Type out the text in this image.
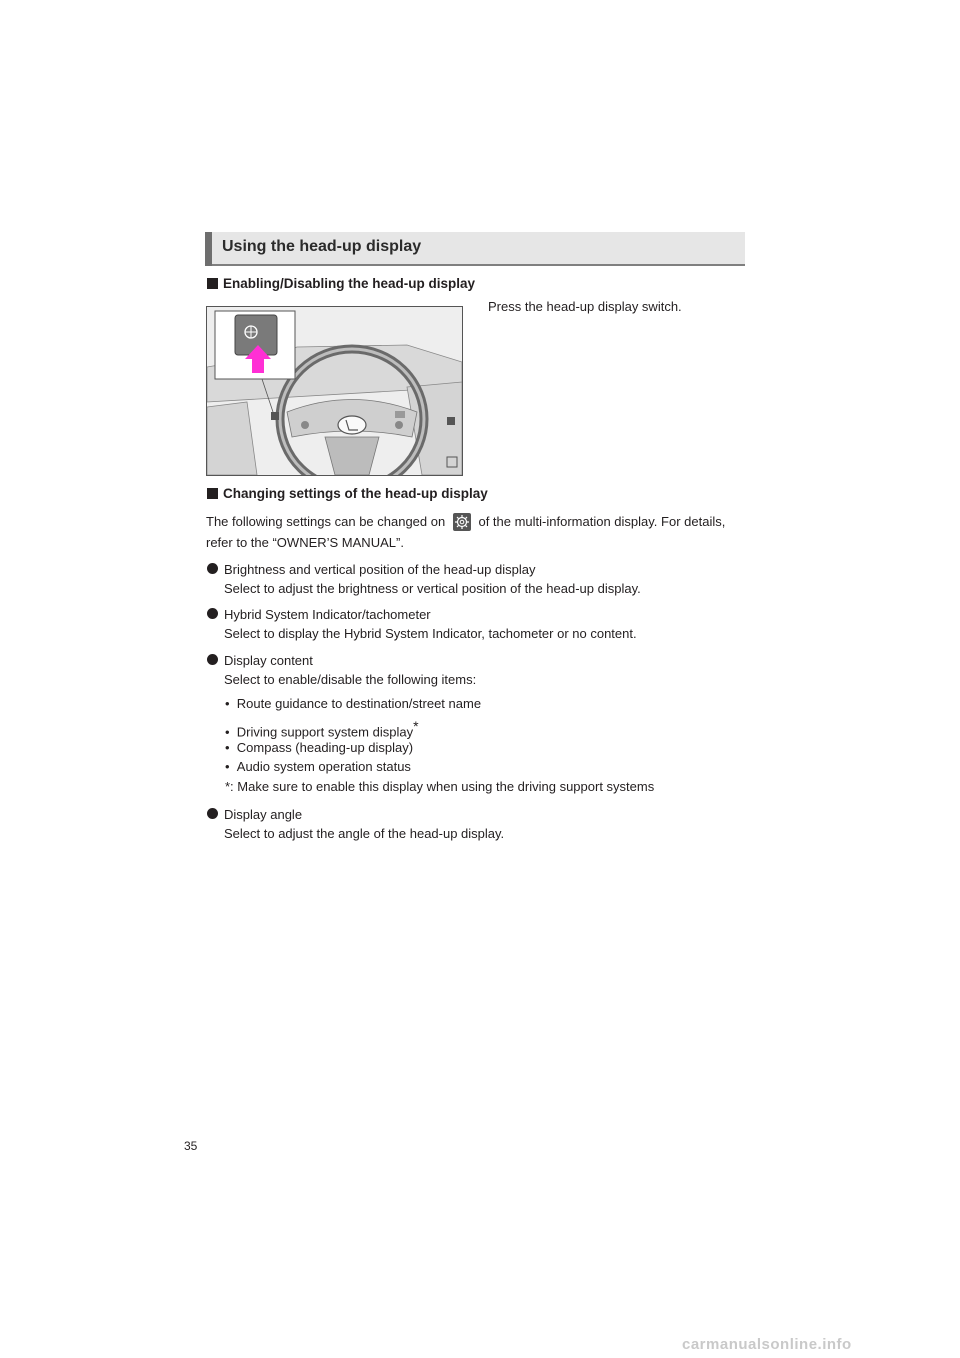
Using the head-up display
Enabling/Disabling the head-up display
Press the head-up display switch.
Changing settings of the head-up display
The following settings can be changed on	of the multi-information display. For details,
refer to the “OWNER’S MANUAL”.
Brightness and vertical position of the head-up display
Select to adjust the brightness or vertical position of the head-up display.
Hybrid System Indicator/tachometer
Select to display the Hybrid System Indicator, tachometer or no content.
Display content
Select to enable/disable the following items:
•  Route guidance to destination/street name
•  Driving support system display*
•  Compass (heading-up display)
•  Audio system operation status
*: Make sure to enable this display when using the driving support systems
Display angle
Select to adjust the angle of the head-up display.
35
carmanualsonline.info
